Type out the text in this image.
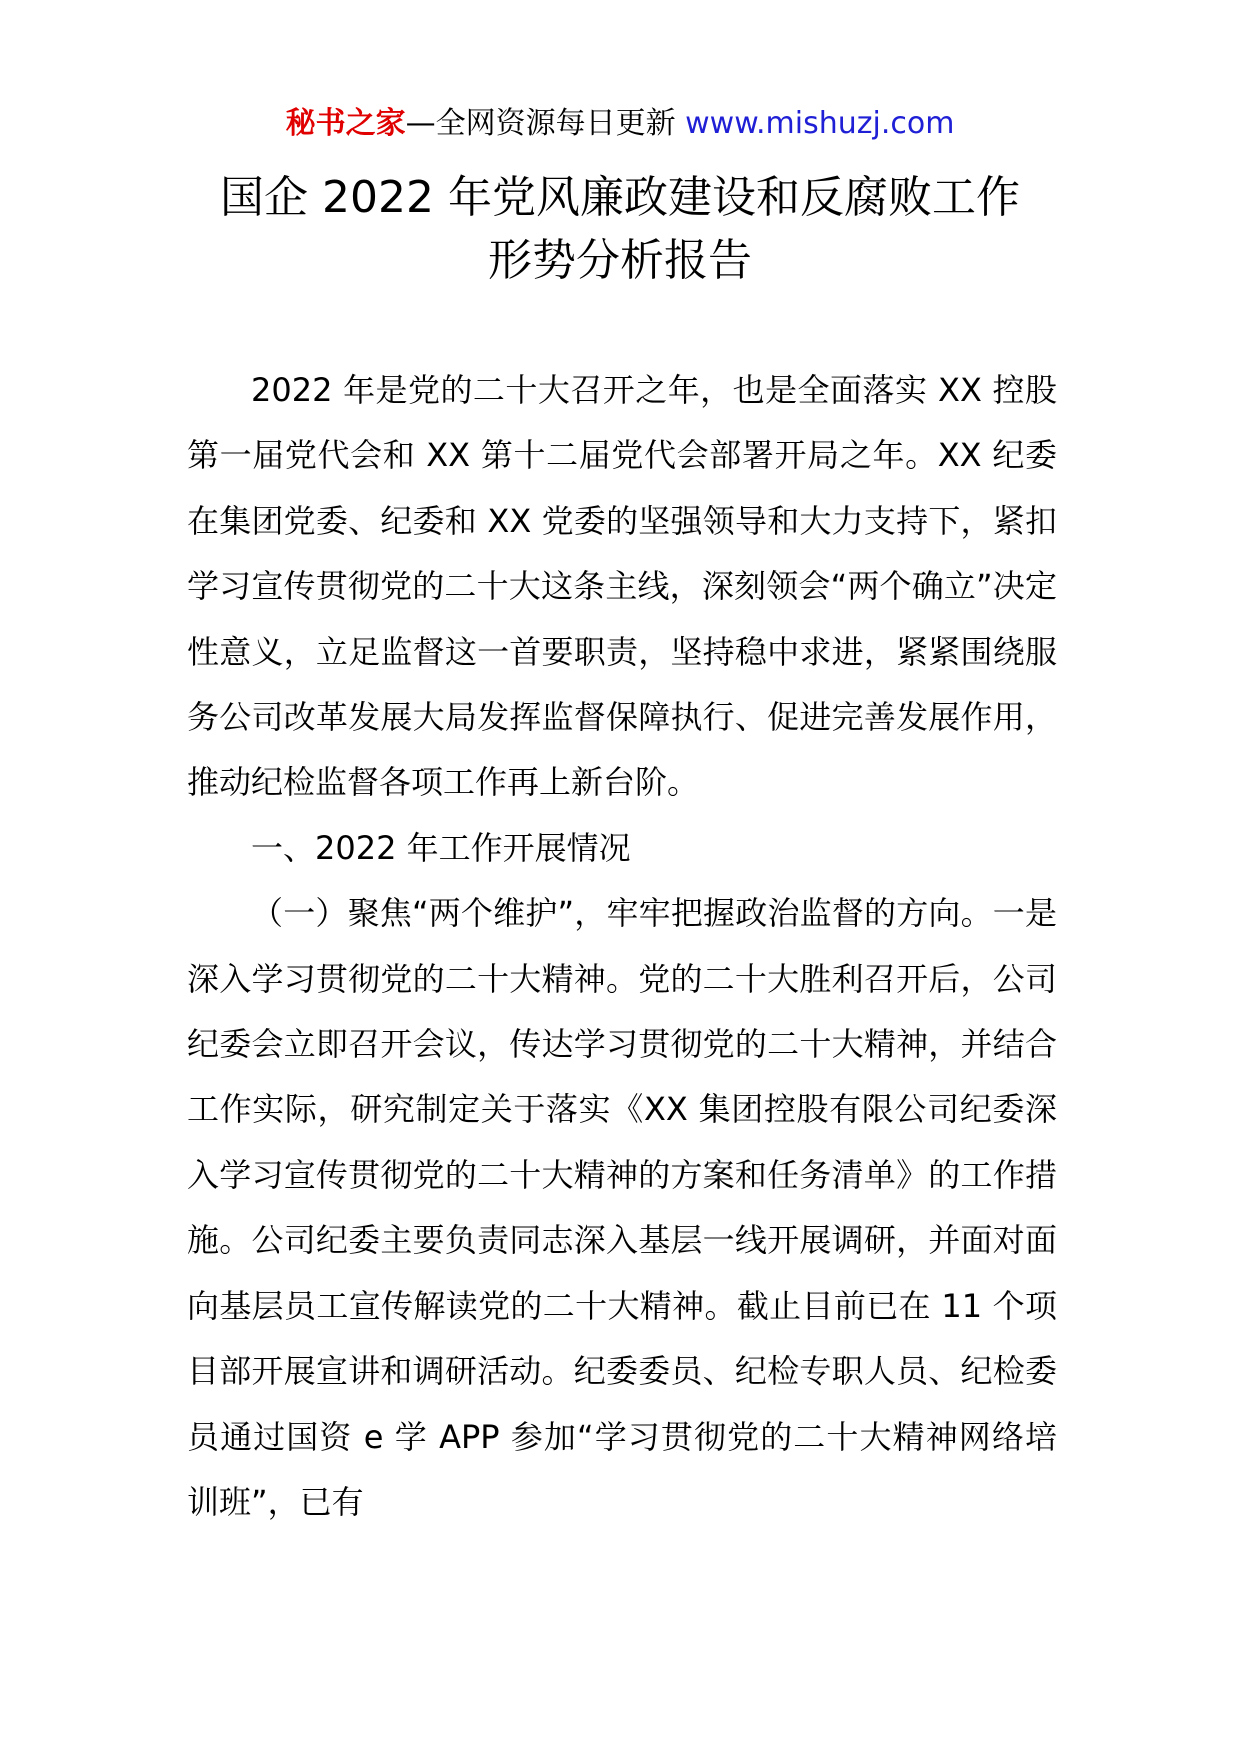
秘书之家—全网资源每日更新 www.mishuzj.com
国企 2022 年党风廉政建设和反腐败工作
形势分析报告

2022 年是党的二十大召开之年，也是全面落实 XX 控股第一届党代会和 XX 第十二届党代会部署开局之年。XX 纪委在集团党委、纪委和 XX 党委的坚强领导和大力支持下，紧扣学习宣传贯彻党的二十大这条主线，深刻领会“两个确立”决定性意义，立足监督这一首要职责，坚持稳中求进，紧紧围绕服务公司改革发展大局发挥监督保障执行、促进完善发展作用，推动纪检监督各项工作再上新台阶。

一、2022 年工作开展情况

（一）聚焦“两个维护”，牢牢把握政治监督的方向。一是深入学习贯彻党的二十大精神。党的二十大胜利召开后，公司纪委会立即召开会议，传达学习贯彻党的二十大精神，并结合工作实际，研究制定关于落实《XX 集团控股有限公司纪委深入学习宣传贯彻党的二十大精神的方案和任务清单》的工作措施。公司纪委主要负责同志深入基层一线开展调研，并面对面向基层员工宣传解读党的二十大精神。截止目前已在 11 个项目部开展宣讲和调研活动。纪委委员、纪检专职人员、纪检委员通过国资 e 学 APP 参加“学习贯彻党的二十大精神网络培训班”，已有
